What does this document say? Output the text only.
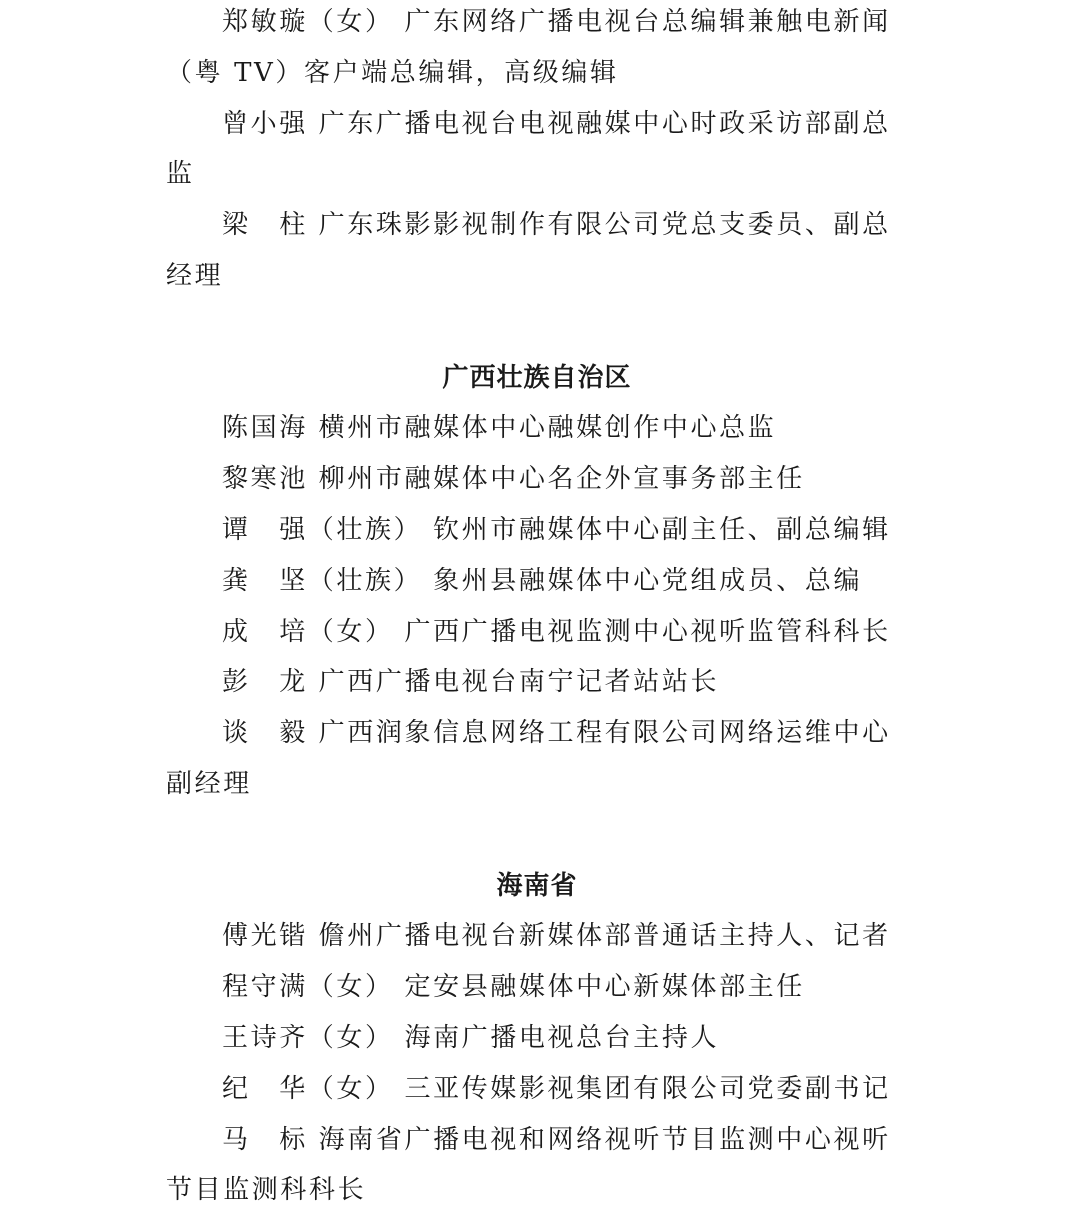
郑敏璇（女） 广东网络广播电视台总编辑兼触电新闻
（粤 TV）客户端总编辑，高级编辑
曾小强 广东广播电视台电视融媒中心时政采访部副总
监
梁　柱 广东珠影影视制作有限公司党总支委员、副总
经理
广西壮族自治区
陈国海 横州市融媒体中心融媒创作中心总监
黎寒池 柳州市融媒体中心名企外宣事务部主任
谭　强（壮族） 钦州市融媒体中心副主任、副总编辑
龚　坚（壮族） 象州县融媒体中心党组成员、总编
成　培（女） 广西广播电视监测中心视听监管科科长
彭　龙 广西广播电视台南宁记者站站长
谈　毅 广西润象信息网络工程有限公司网络运维中心
副经理
海南省
傅光锴 儋州广播电视台新媒体部普通话主持人、记者
程守满（女） 定安县融媒体中心新媒体部主任
王诗齐（女） 海南广播电视总台主持人
纪　华（女） 三亚传媒影视集团有限公司党委副书记
马　标 海南省广播电视和网络视听节目监测中心视听
节目监测科科长
